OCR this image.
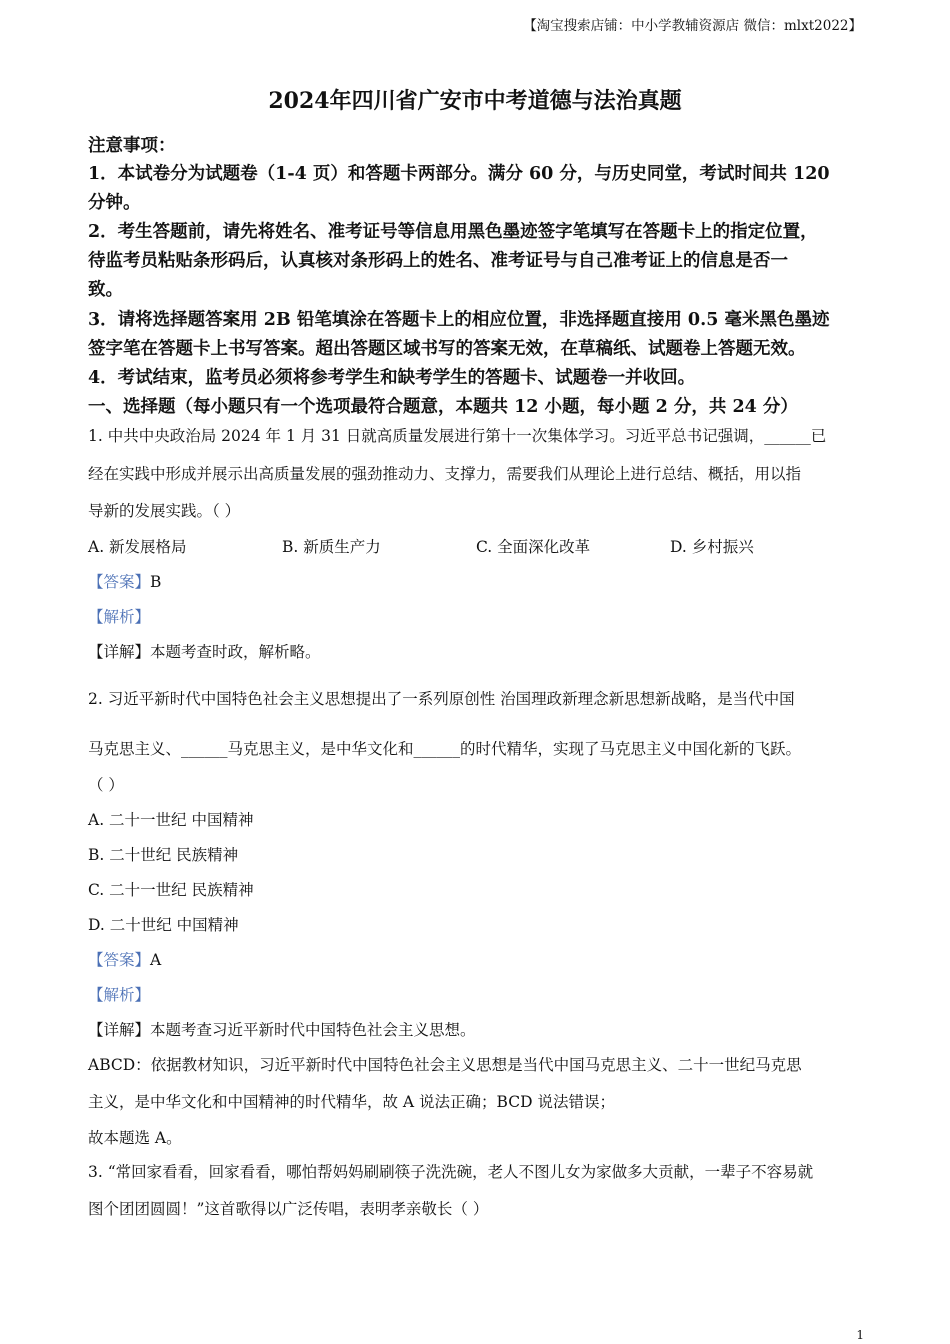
【淘宝搜索店铺：中小学教辅资源店 微信：mlxt2022】
2024年四川省广安市中考道德与法治真题
注意事项：
1．本试卷分为试题卷（1-4 页）和答题卡两部分。满分 60 分，与历史同堂，考试时间共 120
分钟。
2．考生答题前，请先将姓名、准考证号等信息用黑色墨迹签字笔填写在答题卡上的指定位置，
待监考员粘贴条形码后，认真核对条形码上的姓名、准考证号与自己准考证上的信息是否一
致。
3．请将选择题答案用 2B 铅笔填涂在答题卡上的相应位置，非选择题直接用 0.5 毫米黑色墨迹
签字笔在答题卡上书写答案。超出答题区域书写的答案无效，在草稿纸、试题卷上答题无效。
4．考试结束，监考员必须将参考学生和缺考学生的答题卡、试题卷一并收回。
一、选择题（每小题只有一个选项最符合题意，本题共 12 小题，每小题 2 分，共 24 分）
1. 中共中央政治局 2024 年 1 月 31 日就高质量发展进行第十一次集体学习。习近平总书记强调，______已
经在实践中形成并展示出高质量发展的强劲推动力、支撑力，需要我们从理论上进行总结、概括，用以指
导新的发展实践。（ ）
A. 新发展格局	B. 新质生产力	C. 全面深化改革	D. 乡村振兴
【答案】B
【解析】
【详解】本题考查时政，解析略。
2. 习近平新时代中国特色社会主义思想提出了一系列原创性 治国理政新理念新思想新战略，是当代中国
马克思主义、______马克思主义，是中华文化和______的时代精华，实现了马克思主义中国化新的飞跃。
（ ）
A. 二十一世纪 中国精神
B. 二十世纪 民族精神
C. 二十一世纪 民族精神
D. 二十世纪 中国精神
【答案】A
【解析】
【详解】本题考查习近平新时代中国特色社会主义思想。
ABCD：依据教材知识，习近平新时代中国特色社会主义思想是当代中国马克思主义、二十一世纪马克思
主义，是中华文化和中国精神的时代精华，故 A 说法正确；BCD 说法错误；
故本题选 A。
3. “常回家看看，回家看看，哪怕帮妈妈刷刷筷子洗洗碗，老人不图儿女为家做多大贡献，一辈子不容易就
图个团团圆圆！”这首歌得以广泛传唱，表明孝亲敬长（ ）
1
